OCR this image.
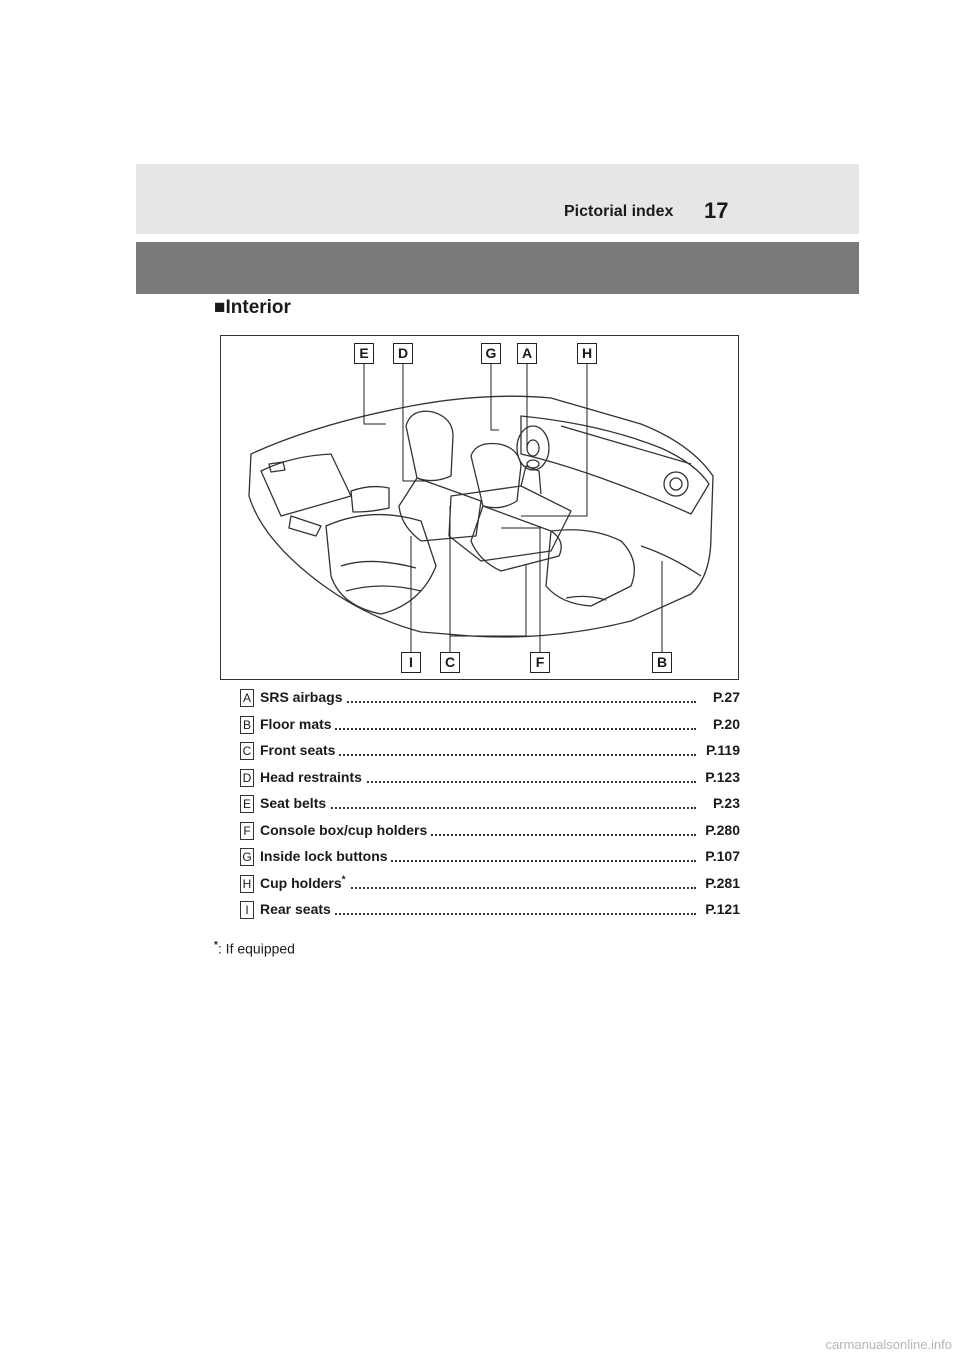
Pictorial index 17
■Interior
E	D	G	A	H
I	C	F	B
A SRS airbags	P.27
B Floor mats	P.20
C Front seats	P.119
D Head restraints	P.123
E Seat belts	P.23
F Console box/cup holders	P.280
G Inside lock buttons	P.107
H Cup holders*	P.281
I Rear seats	P.121
*: If equipped
carmanualsonline.info
